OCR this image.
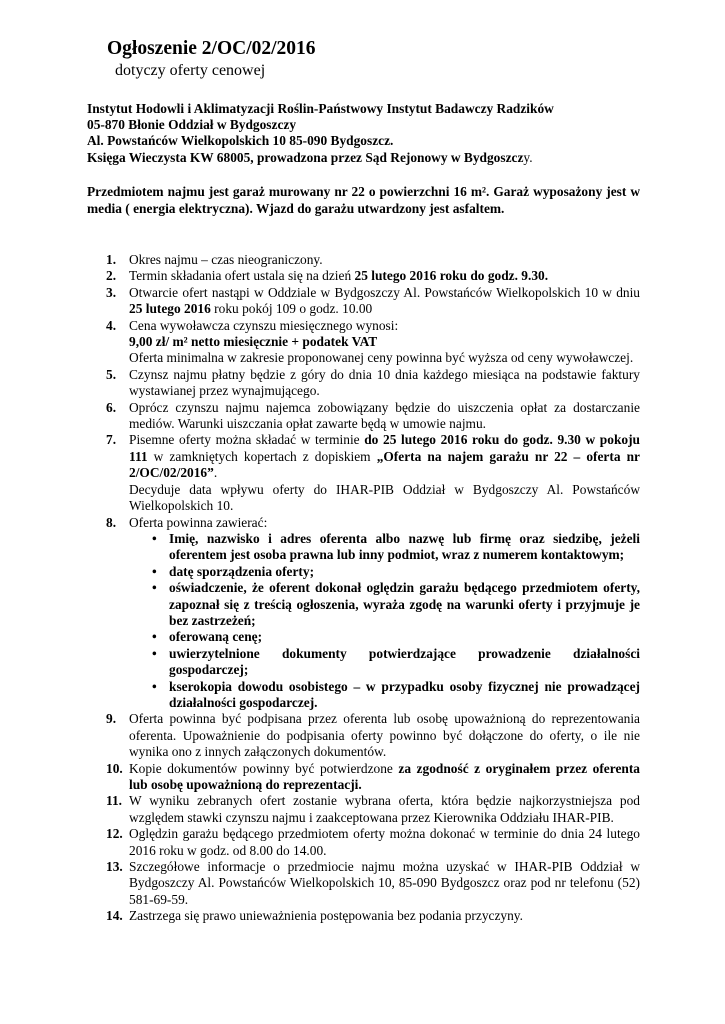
Ogłoszenie 2/OC/02/2016
dotyczy oferty cenowej
Instytut Hodowli i Aklimatyzacji Roślin-Państwowy Instytut Badawczy Radzików
05-870 Błonie Oddział w Bydgoszczy
Al. Powstańców Wielkopolskich 10 85-090 Bydgoszcz.
Księga Wieczysta KW 68005, prowadzona przez Sąd Rejonowy w Bydgoszczy.
Przedmiotem najmu jest garaż murowany nr 22 o powierzchni 16 m². Garaż wyposażony jest w media ( energia elektryczna). Wjazd do garażu utwardzony jest asfaltem.
1. Okres najmu – czas nieograniczony.
2. Termin składania ofert ustala się na dzień 25 lutego 2016 roku do godz. 9.30.
3. Otwarcie ofert nastąpi w Oddziale w Bydgoszczy Al. Powstańców Wielkopolskich 10 w dniu 25 lutego 2016 roku pokój 109 o godz. 10.00
4. Cena wywoławcza czynszu miesięcznego wynosi:
9,00 zł/ m² netto miesięcznie + podatek VAT
Oferta minimalna w zakresie proponowanej ceny powinna być wyższa od ceny wywoławczej.
5. Czynsz najmu płatny będzie z góry do dnia 10 dnia każdego miesiąca na podstawie faktury wystawianej przez wynajmującego.
6. Oprócz czynszu najmu najemca zobowiązany będzie do uiszczenia opłat za dostarczanie mediów. Warunki uiszczania opłat zawarte będą w umowie najmu.
7. Pisemne oferty można składać w terminie do 25 lutego 2016 roku do godz. 9.30 w pokoju 111 w zamkniętych kopertach z dopiskiem „Oferta na najem garażu nr 22 – oferta nr 2/OC/02/2016”.
Decyduje data wpływu oferty do IHAR-PIB Oddział w Bydgoszczy Al. Powstańców Wielkopolskich 10.
8. Oferta powinna zawierać:
• Imię, nazwisko i adres oferenta albo nazwę lub firmę oraz siedzibę, jeżeli oferentem jest osoba prawna lub inny podmiot, wraz z numerem kontaktowym;
• datę sporządzenia oferty;
• oświadczenie, że oferent dokonał oględzin garażu będącego przedmiotem oferty, zapoznał się z treścią ogłoszenia, wyraża zgodę na warunki oferty i przyjmuje je bez zastrzeżeń;
• oferowaną cenę;
• uwierzytelnione dokumenty potwierdzające prowadzenie działalności gospodarczej;
• kserokopia dowodu osobistego – w przypadku osoby fizycznej nie prowadzącej działalności gospodarczej.
9. Oferta powinna być podpisana przez oferenta lub osobę upoważnioną do reprezentowania oferenta. Upoważnienie do podpisania oferty powinno być dołączone do oferty, o ile nie wynika ono z innych załączonych dokumentów.
10. Kopie dokumentów powinny być potwierdzone za zgodność z oryginałem przez oferenta lub osobę upoważnioną do reprezentacji.
11. W wyniku zebranych ofert zostanie wybrana oferta, która będzie najkorzystniejsza pod względem stawki czynszu najmu i zaakceptowana przez Kierownika Oddziału IHAR-PIB.
12. Oględzin garażu będącego przedmiotem oferty można dokonać w terminie do dnia 24 lutego 2016 roku w godz. od 8.00 do 14.00.
13. Szczegółowe informacje o przedmiocie najmu można uzyskać w IHAR-PIB Oddział w Bydgoszczy Al. Powstańców Wielkopolskich 10, 85-090 Bydgoszcz oraz pod nr telefonu (52) 581-69-59.
14. Zastrzega się prawo unieważnienia postępowania bez podania przyczyny.
